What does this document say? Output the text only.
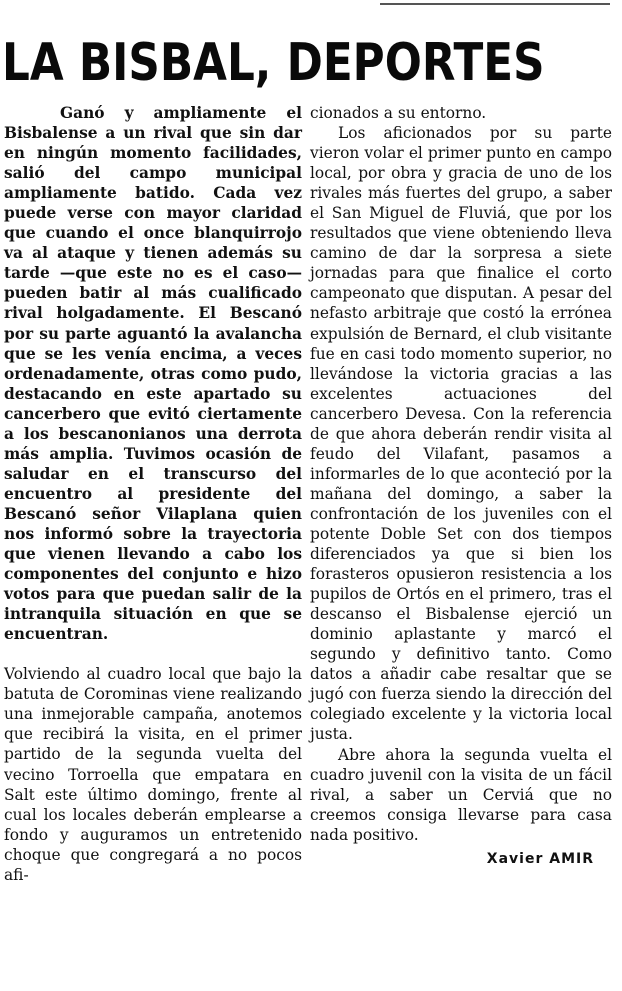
LA BISBAL, DEPORTES

Ganó y ampliamente el Bisbalense a un rival que sin dar en ningún momento facilidades, salió del campo municipal ampliamente batido. Cada vez puede verse con mayor claridad que cuando el once blanquirrojo va al ataque y tienen además su tarde —que este no es el caso— pueden batir al más cualificado rival holgadamente. El Bescanó por su parte aguantó la avalancha que se les venía encima, a veces ordenadamente, otras como pudo, destacando en este apartado su cancerbero que evitó ciertamente a los bescanonianos una derrota más amplia. Tuvimos ocasión de saludar en el transcurso del encuentro al presidente del Bescanó señor Vilaplana quien nos informó sobre la trayectoria que vienen llevando a cabo los componentes del conjunto e hizo votos para que puedan salir de la intranquila situación en que se encuentran.

Volviendo al cuadro local que bajo la batuta de Corominas viene realizando una inmejorable campaña, anotemos que recibirá la visita, en el primer partido de la segunda vuelta del vecino Torroella que empatara en Salt este último domingo, frente al cual los locales deberán emplearse a fondo y auguramos un entretenido choque que congregará a no pocos afi-

cionados a su entorno.

Los aficionados por su parte vieron volar el primer punto en campo local, por obra y gracia de uno de los rivales más fuertes del grupo, a saber el San Miguel de Fluviá, que por los resultados que viene obteniendo lleva camino de dar la sorpresa a siete jornadas para que finalice el corto campeonato que disputan. A pesar del nefasto arbitraje que costó la errónea expulsión de Bernard, el club visitante fue en casi todo momento superior, no llevándose la victoria gracias a las excelentes actuaciones del cancerbero Devesa. Con la referencia de que ahora deberán rendir visita al feudo del Vilafant, pasamos a informarles de lo que aconteció por la mañana del domingo, a saber la confrontación de los juveniles con el potente Doble Set con dos tiempos diferenciados ya que si bien los forasteros opusieron resistencia a los pupilos de Ortós en el primero, tras el descanso el Bisbalense ejerció un dominio aplastante y marcó el segundo y definitivo tanto. Como datos a añadir cabe resaltar que se jugó con fuerza siendo la dirección del colegiado excelente y la victoria local justa.

Abre ahora la segunda vuelta el cuadro juvenil con la visita de un fácil rival, a saber un Cerviá que no creemos consiga llevarse para casa nada positivo.

Xavier AMIR
